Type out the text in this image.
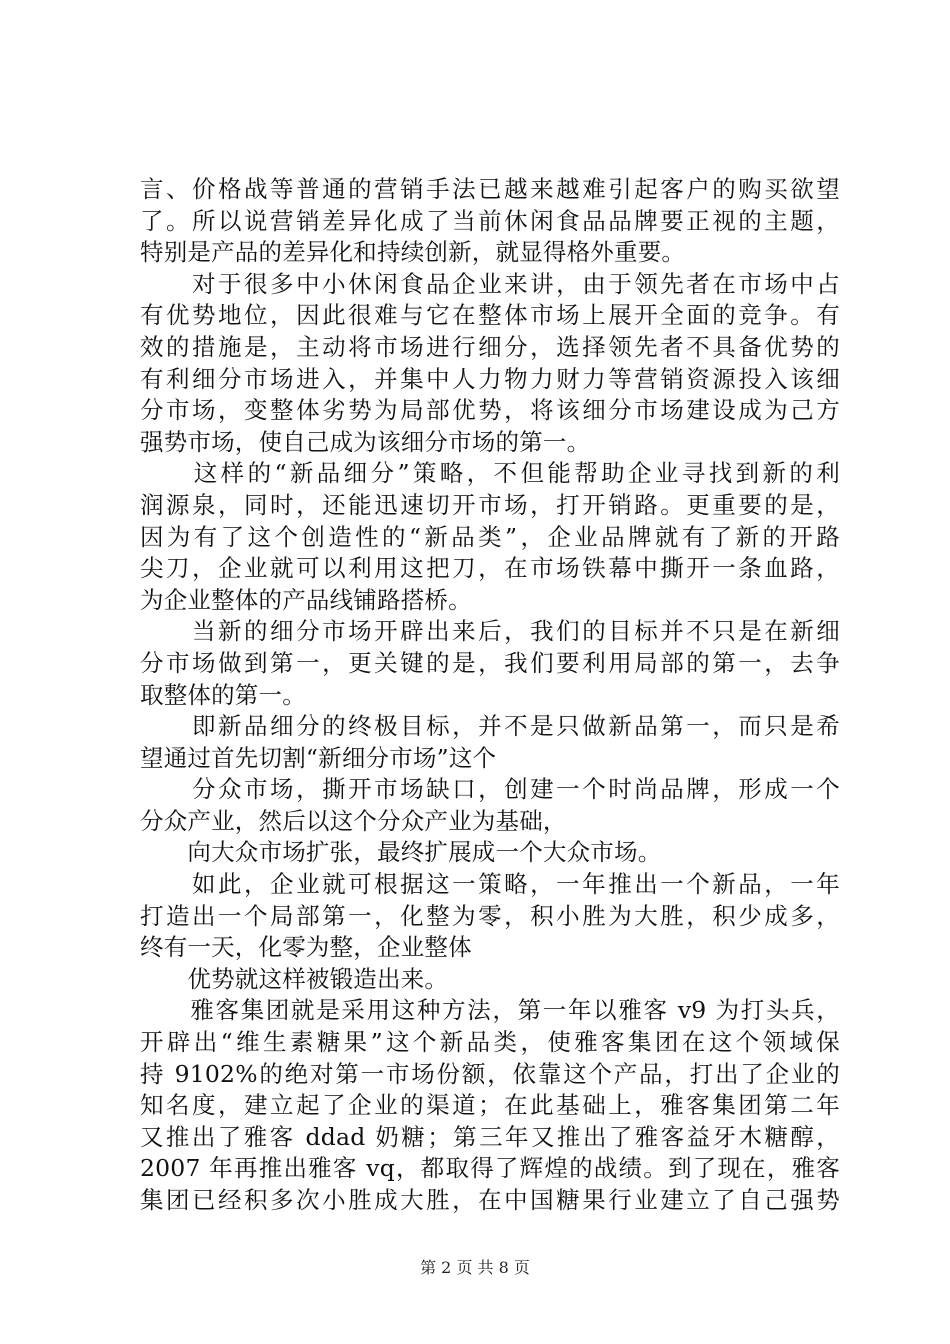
言、价格战等普通的营销手法已越来越难引起客户的购买欲望
了。所以说营销差异化成了当前休闲食品品牌要正视的主题，
特别是产品的差异化和持续创新，就显得格外重要。
　　对于很多中小休闲食品企业来讲，由于领先者在市场中占
有优势地位，因此很难与它在整体市场上展开全面的竞争。有
效的措施是，主动将市场进行细分，选择领先者不具备优势的
有利细分市场进入，并集中人力物力财力等营销资源投入该细
分市场，变整体劣势为局部优势，将该细分市场建设成为己方
强势市场，使自己成为该细分市场的第一。
　　这样的“新品细分”策略，不但能帮助企业寻找到新的利
润源泉，同时，还能迅速切开市场，打开销路。更重要的是，
因为有了这个创造性的“新品类”，企业品牌就有了新的开路
尖刀，企业就可以利用这把刀，在市场铁幕中撕开一条血路，
为企业整体的产品线铺路搭桥。
　　当新的细分市场开辟出来后，我们的目标并不只是在新细
分市场做到第一，更关键的是，我们要利用局部的第一，去争
取整体的第一。
　　即新品细分的终极目标，并不是只做新品第一，而只是希
望通过首先切割“新细分市场”这个
　　分众市场，撕开市场缺口，创建一个时尚品牌，形成一个
分众产业，然后以这个分众产业为基础，
　　向大众市场扩张，最终扩展成一个大众市场。
　　如此，企业就可根据这一策略，一年推出一个新品，一年
打造出一个局部第一，化整为零，积小胜为大胜，积少成多，
终有一天，化零为整，企业整体
　　优势就这样被锻造出来。
　　雅客集团就是采用这种方法，第一年以雅客 v9 为打头兵，
开辟出“维生素糖果”这个新品类，使雅客集团在这个领域保
持 9102%的绝对第一市场份额，依靠这个产品，打出了企业的
知名度，建立起了企业的渠道；在此基础上，雅客集团第二年
又推出了雅客 ddad 奶糖；第三年又推出了雅客益牙木糖醇，
2007 年再推出雅客 vq，都取得了辉煌的战绩。到了现在，雅客
集团已经积多次小胜成大胜，在中国糖果行业建立了自己强势
第 2 页 共 8 页
